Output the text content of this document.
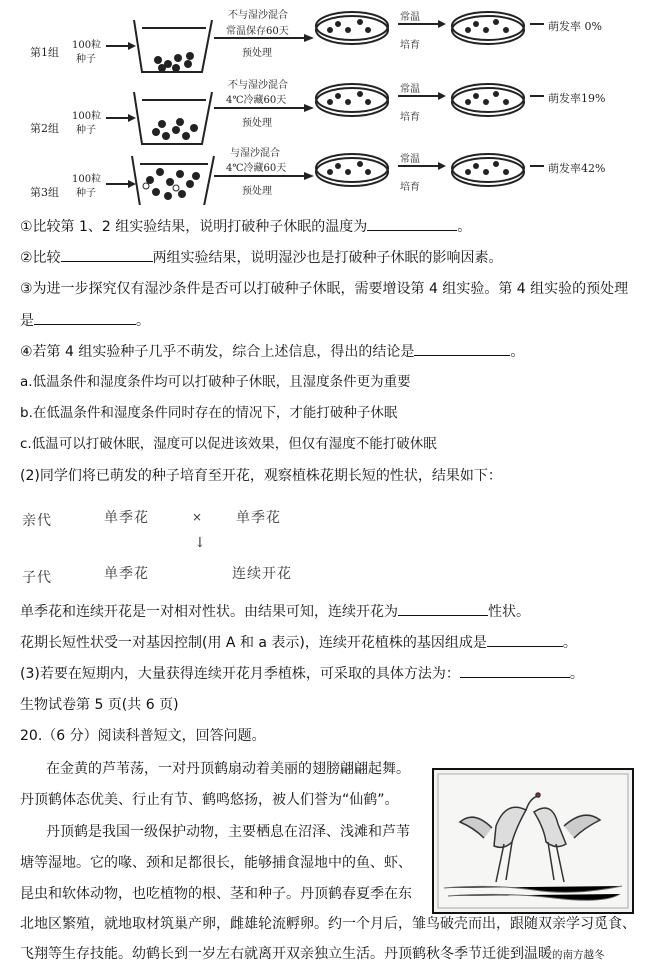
第1组
100粒
种子
不与湿沙混合
常温保存60天
预处理
常温
培育
萌发率 0%
第2组
100粒
种子
不与湿沙混合
4℃冷藏60天
预处理
常温
培育
萌发率19%
第3组
100粒
种子
与湿沙混合
4℃冷藏60天
预处理
常温
培育
萌发率42%
①比较第 1、2 组实验结果，说明打破种子休眠的温度为	。
②比较	两组实验结果，说明湿沙也是打破种子休眠的影响因素。
③为进一步探究仅有湿沙条件是否可以打破种子休眠，需要增设第 4 组实验。第 4 组实验的预处理
是	。
④若第 4 组实验种子几乎不萌发，综合上述信息，得出的结论是	。
a.低温条件和湿度条件均可以打破种子休眠，且湿度条件更为重要
b.在低温条件和湿度条件同时存在的情况下，才能打破种子休眠
c.低温可以打破休眠，湿度可以促进该效果，但仅有湿度不能打破休眠
(2)同学们将已萌发的种子培育至开花，观察植株花期长短的性状，结果如下：
亲代	单季花	× 单季花
↓
子代	单季花	连续开花
单季花和连续开花是一对相对性状。由结果可知，连续开花为	性状。
花期长短性状受一对基因控制(用 A 和 a 表示)，连续开花植株的基因组成是	。
(3)若要在短期内，大量获得连续开花月季植株，可采取的具体方法为：	。
生物试卷第 5 页(共 6 页)
20.（6 分）阅读科普短文，回答问题。
在金黄的芦苇荡，一对丹顶鹤扇动着美丽的翅膀翩翩起舞。
丹顶鹤体态优美、行止有节、鹤鸣悠扬，被人们誉为“仙鹤”。
丹顶鹤是我国一级保护动物，主要栖息在沼泽、浅滩和芦苇
塘等湿地。它的喙、颈和足都很长，能够捕食湿地中的鱼、虾、
昆虫和软体动物，也吃植物的根、茎和种子。丹顶鹤春夏季在东
北地区繁殖，就地取材筑巢产卵，雌雄轮流孵卵。约一个月后，雏鸟破壳而出，跟随双亲学习觅食、
飞翔等生存技能。幼鹤长到一岁左右就离开双亲独立生活。丹顶鹤秋冬季节迁徙到温暖的南方越冬
